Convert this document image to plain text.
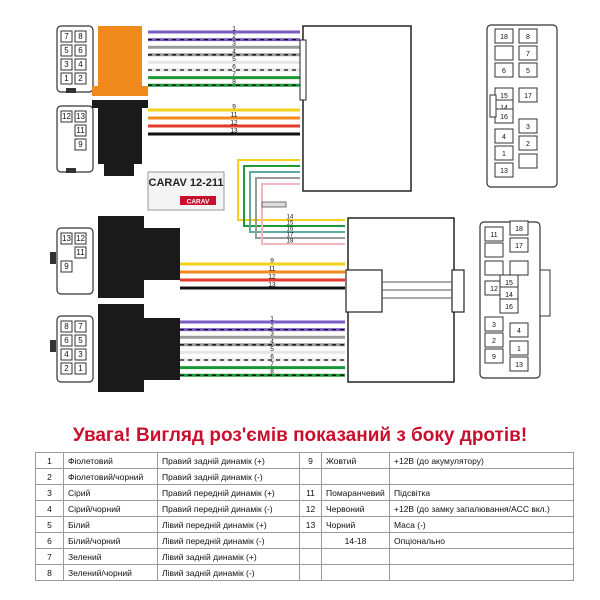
7 8
5 6
3 4
1 2
12 13
11
9
13 12
11
9
8 7
6 5
4 3
2 1
1
2
3
4
5
6
7
8
9
11
12
13
CARAV 12-211
CARAV
14
15
16
17
18
9
11
12
13
1
2
3
4
5
6
7
8
18	8
7
6	5
15 17
16
3
4
2
1
13
18
11
17
12
15
14
16
3
4
2
1
9
13
Увага! Вигляд роз'ємів показаний з боку дротів!
1	Фіолетовий	Правий задній динамік (+)	9	Жовтий	+12В (до акумулятору)
2	Фіолетовий/чорний	Правий задній динамік (-)			
3	Сірий	Правий передній динамік (+)	11	Помаранчевий	Підсвітка
4	Сірий/чорний	Правий передній динамік (-)	12	Червоний	+12В (до замку запалювання/ACC вкл.)
5	Білий	Лівий передній динамік (+)	13	Чорний	Маса (-)
6	Білий/чорний	Лівий передній динамік (-)		14-18	Опціонально
7	Зелений	Лівий задній динамік (+)			
8	Зелений/чорний	Лівий задній динамік (-)			
